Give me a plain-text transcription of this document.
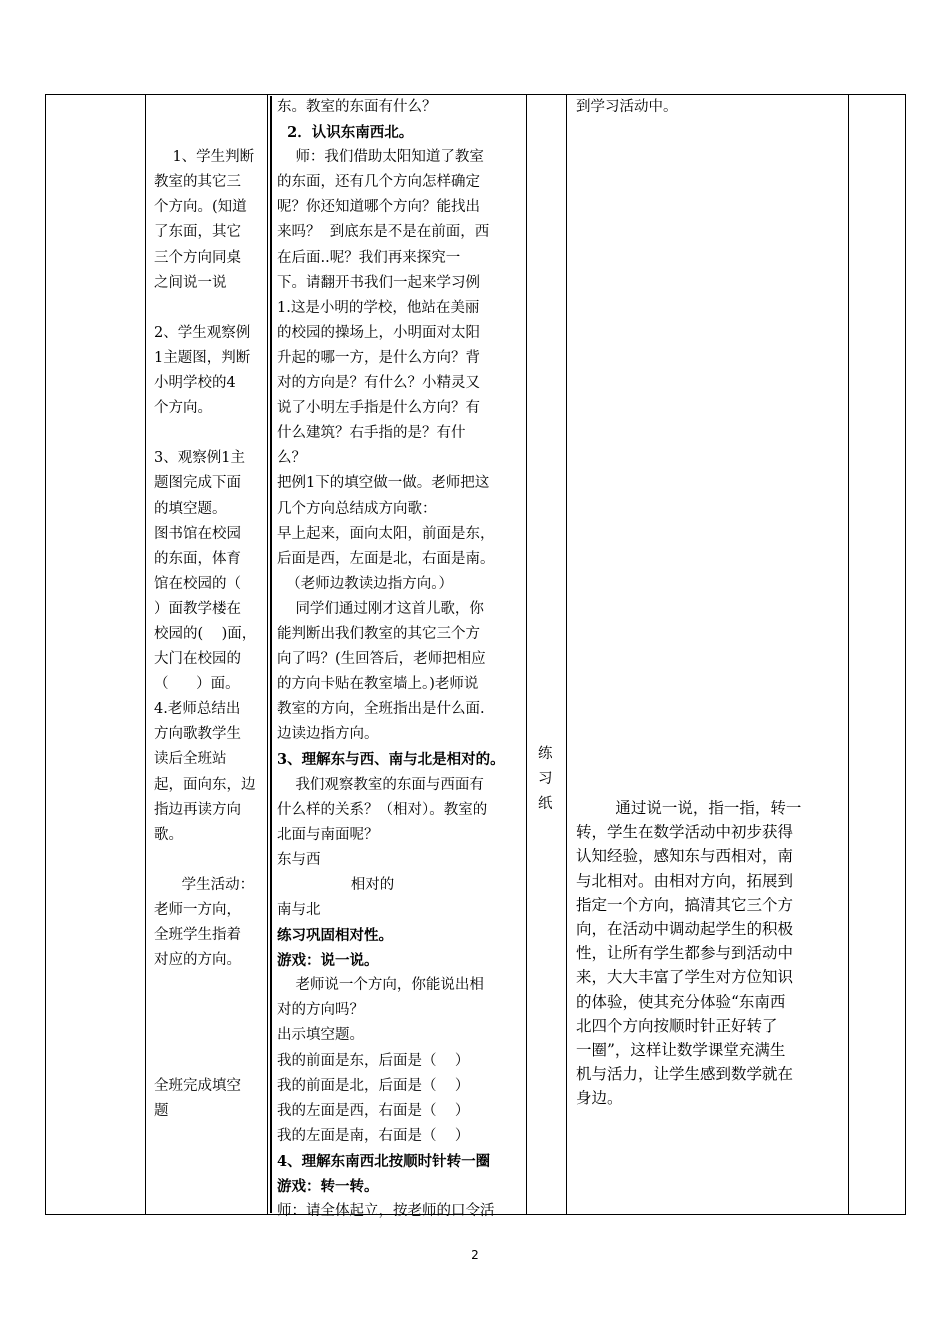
1、学生判断

教室的其它三

个方向。(知道

了东面，其它

三个方向同桌

之间说一说

2、学生观察例

1主题图，判断

小明学校的4

个方向。

3、观察例1主

题图完成下面

的填空题。

图书馆在校园

的东面，体育

馆在校园的（

）面教学楼在

校园的(    )面，

大门在校园的

（      ）面。

4.老师总结出

方向歌教学生

读后全班站

起，面向东，边

指边再读方向

歌。

学生活动：

老师一方向，

全班学生指着

对应的方向。

全班完成填空

题

东。教室的东面有什么？

2．认识东南西北。

师：我们借助太阳知道了教室

的东面，还有几个方向怎样确定

呢？你还知道哪个方向？能找出

来吗？  到底东是不是在前面，西

在后面..呢？我们再来探究一

下。请翻开书我们一起来学习例

1.这是小明的学校，他站在美丽

的校园的操场上，小明面对太阳

升起的哪一方，是什么方向？背

对的方向是？有什么？小精灵又

说了小明左手指是什么方向？有

什么建筑？右手指的是？有什

么？

把例1下的填空做一做。老师把这

几个方向总结成方向歌：

早上起来，面向太阳，前面是东，

后面是西，左面是北，右面是南。

（老师边教读边指方向。）

同学们通过刚才这首儿歌，你

能判断出我们教室的其它三个方

向了吗？(生回答后，老师把相应

的方向卡贴在教室墙上。)老师说

教室的方向，全班指出是什么面.

边读边指方向。

3、理解东与西、南与北是相对的。

我们观察教室的东面与西面有

什么样的关系？（相对）。教室的

北面与南面呢？

东与西

相对的

南与北

练习巩固相对性。

游戏：说一说。

老师说一个方向，你能说出相

对的方向吗？

出示填空题。

我的前面是东，后面是（    ）

我的前面是北，后面是（    ）

我的左面是西，右面是（    ）

我的左面是南，右面是（    ）

4、理解东南西北按顺时针转一圈

游戏：转一转。

师：请全体起立，按老师的口令活

练

习

纸

到学习活动中。

通过说一说，指一指，转一

转，学生在数学活动中初步获得

认知经验，感知东与西相对，南

与北相对。由相对方向，拓展到

指定一个方向，搞清其它三个方

向，在活动中调动起学生的积极

性，让所有学生都参与到活动中

来，大大丰富了学生对方位知识

的体验，使其充分体验“东南西

北四个方向按顺时针正好转了

一圈”，这样让数学课堂充满生

机与活力，让学生感到数学就在

身边。

2
